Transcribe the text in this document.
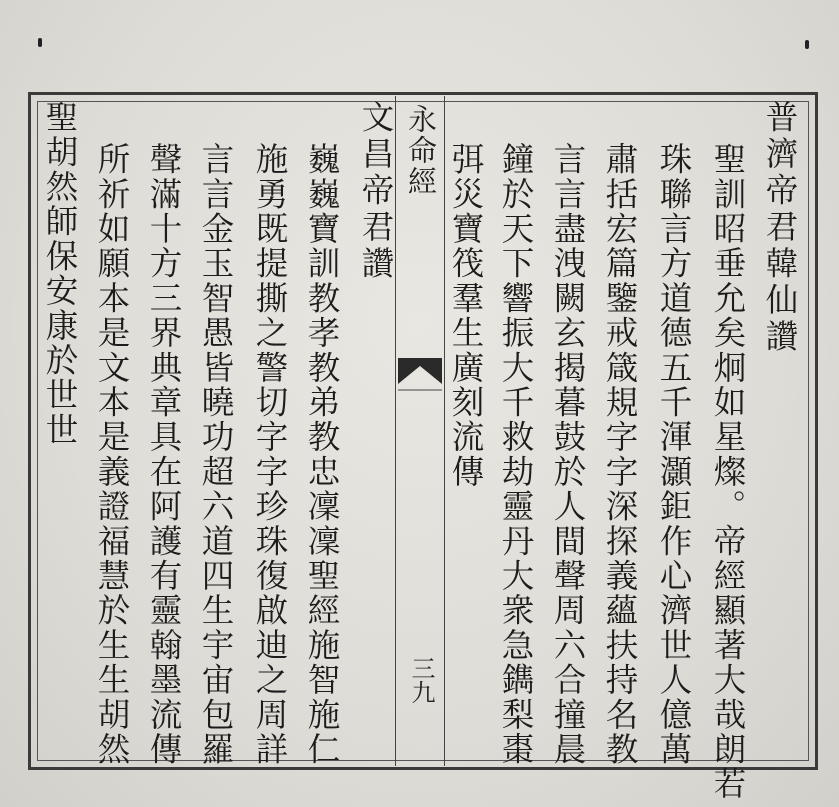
普濟帝君韓仙讚
聖訓昭垂允矣炯如星燦。帝經顯著大哉朗若
珠聯言方道德五千渾灝鉅作心濟世人億萬
肅括宏篇鑒戒箴規字字深探義蘊扶持名教
言言盡洩闕玄揭暮鼓於人間聲周六合撞晨
鐘於天下響振大千救劫靈丹大衆急鐫梨棗
弭災寶筏羣生廣刻流傳
永命經
三九
文昌帝君讚
巍巍寶訓教孝教弟教忠凜凜聖經施智施仁
施勇既提撕之警切字字珍珠復啟迪之周詳
言言金玉智愚皆曉功超六道四生宇宙包羅
聲滿十方三界典章具在阿護有靈翰墨流傳
所祈如願本是文本是義證福慧於生生胡然
聖胡然師保安康於世世
